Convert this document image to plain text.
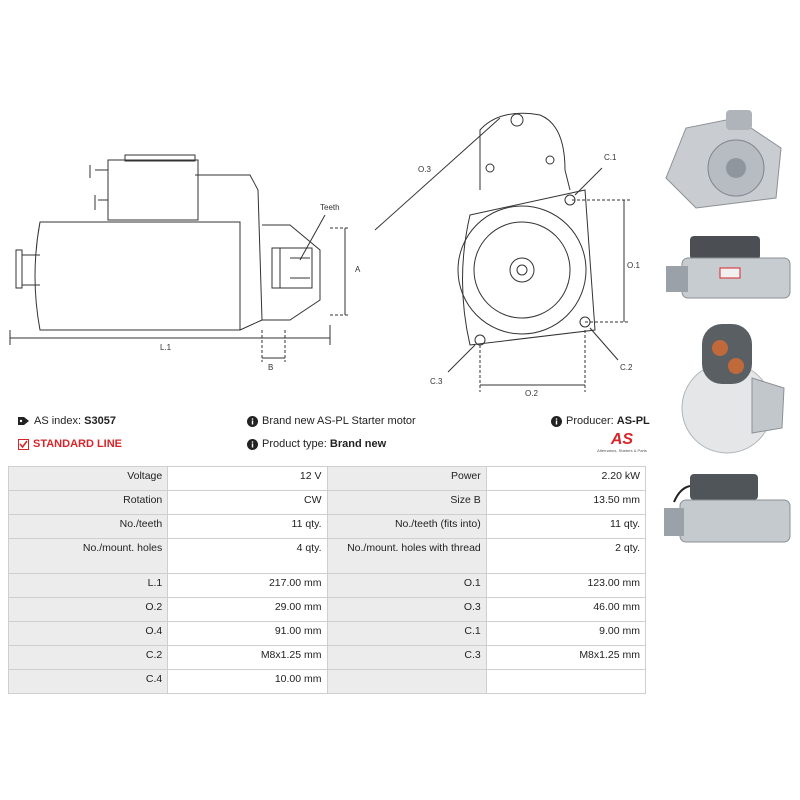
Teeth
A
B
L.1
O.3
O.1
O.2
C.1
C.2
C.3
AS index: S3057
STANDARD LINE
Brand new AS-PL Starter motor
Product type: Brand new
Producer: AS-PL
AS
Alternators, Starters & Parts
Voltage	12 V	Power	2.20 kW
Rotation	CW	Size B	13.50 mm
No./teeth	11 qty.	No./teeth (fits into)	11 qty.
No./mount. holes	4 qty.	No./mount. holes with thread	2 qty.
L.1	217.00 mm	O.1	123.00 mm
O.2	29.00 mm	O.3	46.00 mm
O.4	91.00 mm	C.1	9.00 mm
C.2	M8x1.25 mm	C.3	M8x1.25 mm
C.4	10.00 mm		
